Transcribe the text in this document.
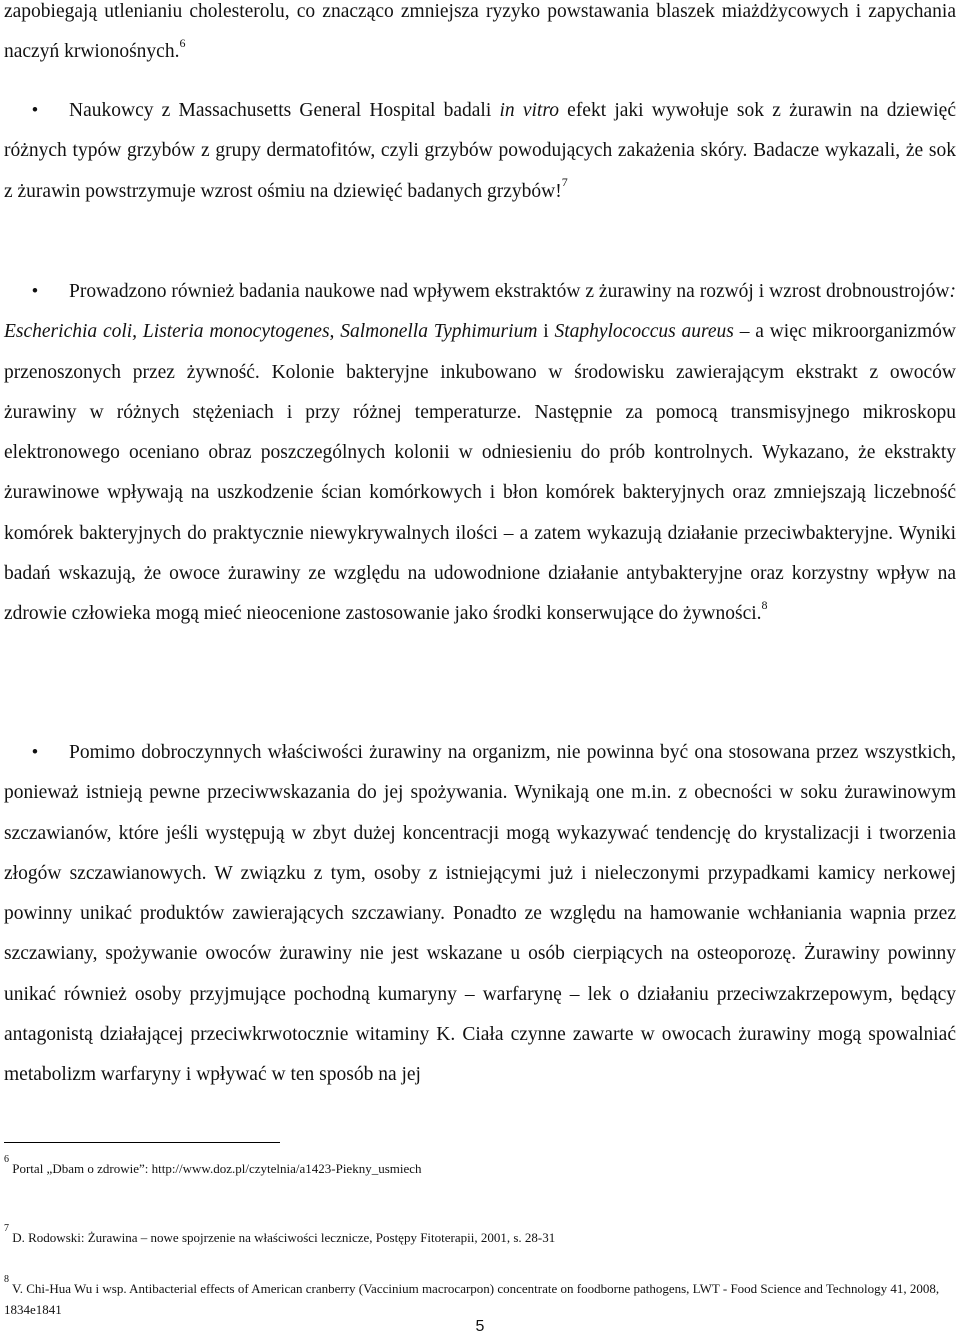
zapobiegają utlenianiu cholesterolu, co znacząco zmniejsza ryzyko powstawania blaszek miażdżycowych i zapychania naczyń krwionośnych.$^6$
•	Naukowcy z Massachusetts General Hospital badali in vitro efekt jaki wywołuje sok z żurawin na dziewięć różnych typów grzybów z grupy dermatofitów, czyli grzybów powodujących zakażenia skóry. Badacze wykazali, że sok z żurawin powstrzymuje wzrost ośmiu na dziewięć badanych grzybów!$^7$
•	Prowadzono również badania naukowe nad wpływem ekstraktów z żurawiny na rozwój i wzrost drobnoustrojów: Escherichia coli, Listeria monocytogenes, Salmonella Typhimurium i Staphylococcus aureus – a więc mikroorganizmów przenoszonych przez żywność. Kolonie bakteryjne inkubowano w środowisku zawierającym ekstrakt z owoców żurawiny w różnych stężeniach i przy różnej temperaturze. Następnie za pomocą transmisyjnego mikroskopu elektronowego oceniano obraz poszczególnych kolonii w odniesieniu do prób kontrolnych. Wykazano, że ekstrakty żurawinowe wpływają na uszkodzenie ścian komórkowych i błon komórek bakteryjnych oraz zmniejszają liczebność komórek bakteryjnych do praktycznie niewykrywalnych ilości – a zatem wykazują działanie przeciwbakteryjne. Wyniki badań wskazują, że owoce żurawiny ze względu na udowodnione działanie antybakteryjne oraz korzystny wpływ na zdrowie człowieka mogą mieć nieocenione zastosowanie jako środki konserwujące do żywności.$^8$
•	Pomimo dobroczynnych właściwości żurawiny na organizm, nie powinna być ona stosowana przez wszystkich, ponieważ istnieją pewne przeciwwskazania do jej spożywania. Wynikają one m.in. z obecności w soku żurawinowym szczawianów, które jeśli występują w zbyt dużej koncentracji mogą wykazywać tendencję do krystalizacji i tworzenia złogów szczawianowych. W związku z tym, osoby z istniejącymi już i nieleczonymi przypadkami kamicy nerkowej powinny unikać produktów zawierających szczawiany. Ponadto ze względu na hamowanie wchłaniania wapnia przez szczawiany, spożywanie owoców żurawiny nie jest wskazane u osób cierpiących na osteoporozę. Żurawiny powinny unikać również osoby przyjmujące pochodną kumaryny – warfarynę – lek o działaniu przeciwzakrzepowym, będący antagonistą działającej przeciwkrwotocznie witaminy K. Ciała czynne zawarte w owocach żurawiny mogą spowalniać metabolizm warfaryny i wpływać w ten sposób na jej
$^6$ Portal „Dbam o zdrowie”: http://www.doz.pl/czytelnia/a1423-Piekny_usmiech
$^7$ D. Rodowski: Żurawina – nowe spojrzenie na właściwości lecznicze, Postępy Fitoterapii, 2001, s. 28-31
$^8$ V. Chi-Hua Wu i wsp. Antibacterial effects of American cranberry (Vaccinium macrocarpon) concentrate on foodborne pathogens, LWT - Food Science and Technology 41, 2008, 1834e1841
5
